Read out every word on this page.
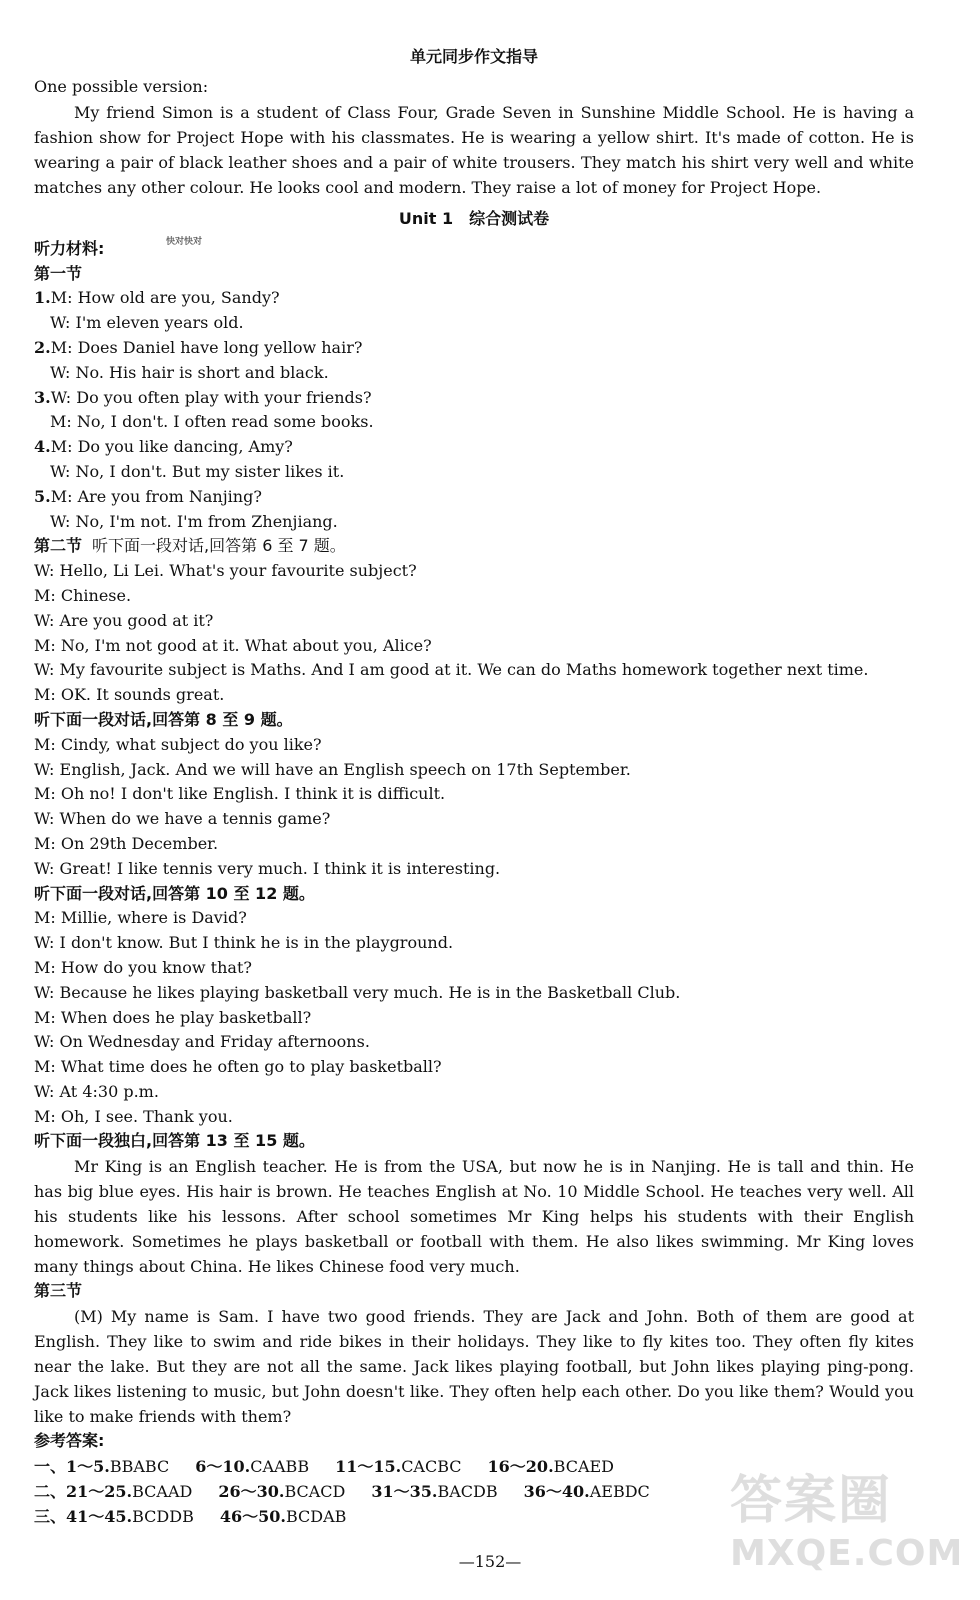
单元同步作文指导

One possible version:

My friend Simon is a student of Class Four, Grade Seven in Sunshine Middle School. He is having a fashion show for Project Hope with his classmates. He is wearing a yellow shirt. It's made of cotton. He is wearing a pair of black leather shoes and a pair of white trousers. They match his shirt very well and white matches any other colour. He looks cool and modern. They raise a lot of money for Project Hope.

Unit 1　综合测试卷
听力材料:	快对快对
第一节

1.M: How old are you, Sandy?

W: I'm eleven years old.

2.M: Does Daniel have long yellow hair?

W: No. His hair is short and black.

3.W: Do you often play with your friends?

M: No, I don't. I often read some books.

4.M: Do you like dancing, Amy?

W: No, I don't. But my sister likes it.

5.M: Are you from Nanjing?

W: No, I'm not. I'm from Zhenjiang.

第二节 听下面一段对话,回答第 6 至 7 题。

W: Hello, Li Lei. What's your favourite subject?

M: Chinese.

W: Are you good at it?

M: No, I'm not good at it. What about you, Alice?

W: My favourite subject is Maths. And I am good at it. We can do Maths homework together next time.

M: OK. It sounds great.

听下面一段对话,回答第 8 至 9 题。

M: Cindy, what subject do you like?

W: English, Jack. And we will have an English speech on 17th September.

M: Oh no! I don't like English. I think it is difficult.

W: When do we have a tennis game?

M: On 29th December.

W: Great! I like tennis very much. I think it is interesting.

听下面一段对话,回答第 10 至 12 题。

M: Millie, where is David?

W: I don't know. But I think he is in the playground.

M: How do you know that?

W: Because he likes playing basketball very much. He is in the Basketball Club.

M: When does he play basketball?

W: On Wednesday and Friday afternoons.

M: What time does he often go to play basketball?

W: At 4:30 p.m.

M: Oh, I see. Thank you.

听下面一段独白,回答第 13 至 15 题。

Mr King is an English teacher. He is from the USA, but now he is in Nanjing. He is tall and thin. He has big blue eyes. His hair is brown. He teaches English at No. 10 Middle School. He teaches very well. All his students like his lessons. After school sometimes Mr King helps his students with their English homework. Sometimes he plays basketball or football with them. He also likes swimming. Mr King loves many things about China. He likes Chinese food very much.

第三节

(M) My name is Sam. I have two good friends. They are Jack and John. Both of them are good at English. They like to swim and ride bikes in their holidays. They like to fly kites too. They often fly kites near the lake. But they are not all the same. Jack likes playing football, but John likes playing ping-pong. Jack likes listening to music, but John doesn't like. They often help each other. Do you like them? Would you like to make friends with them?

参考答案:
一、1～5.BBABC 6～10.CAABB 11～15.CACBC 16～20.BCAED
二、21～25.BCAAD 26～30.BCACD 31～35.BACDB 36～40.AEBDC
三、41～45.BCDDB 46～50.BCDAB
—152—
答案圈
MXQE.COM
